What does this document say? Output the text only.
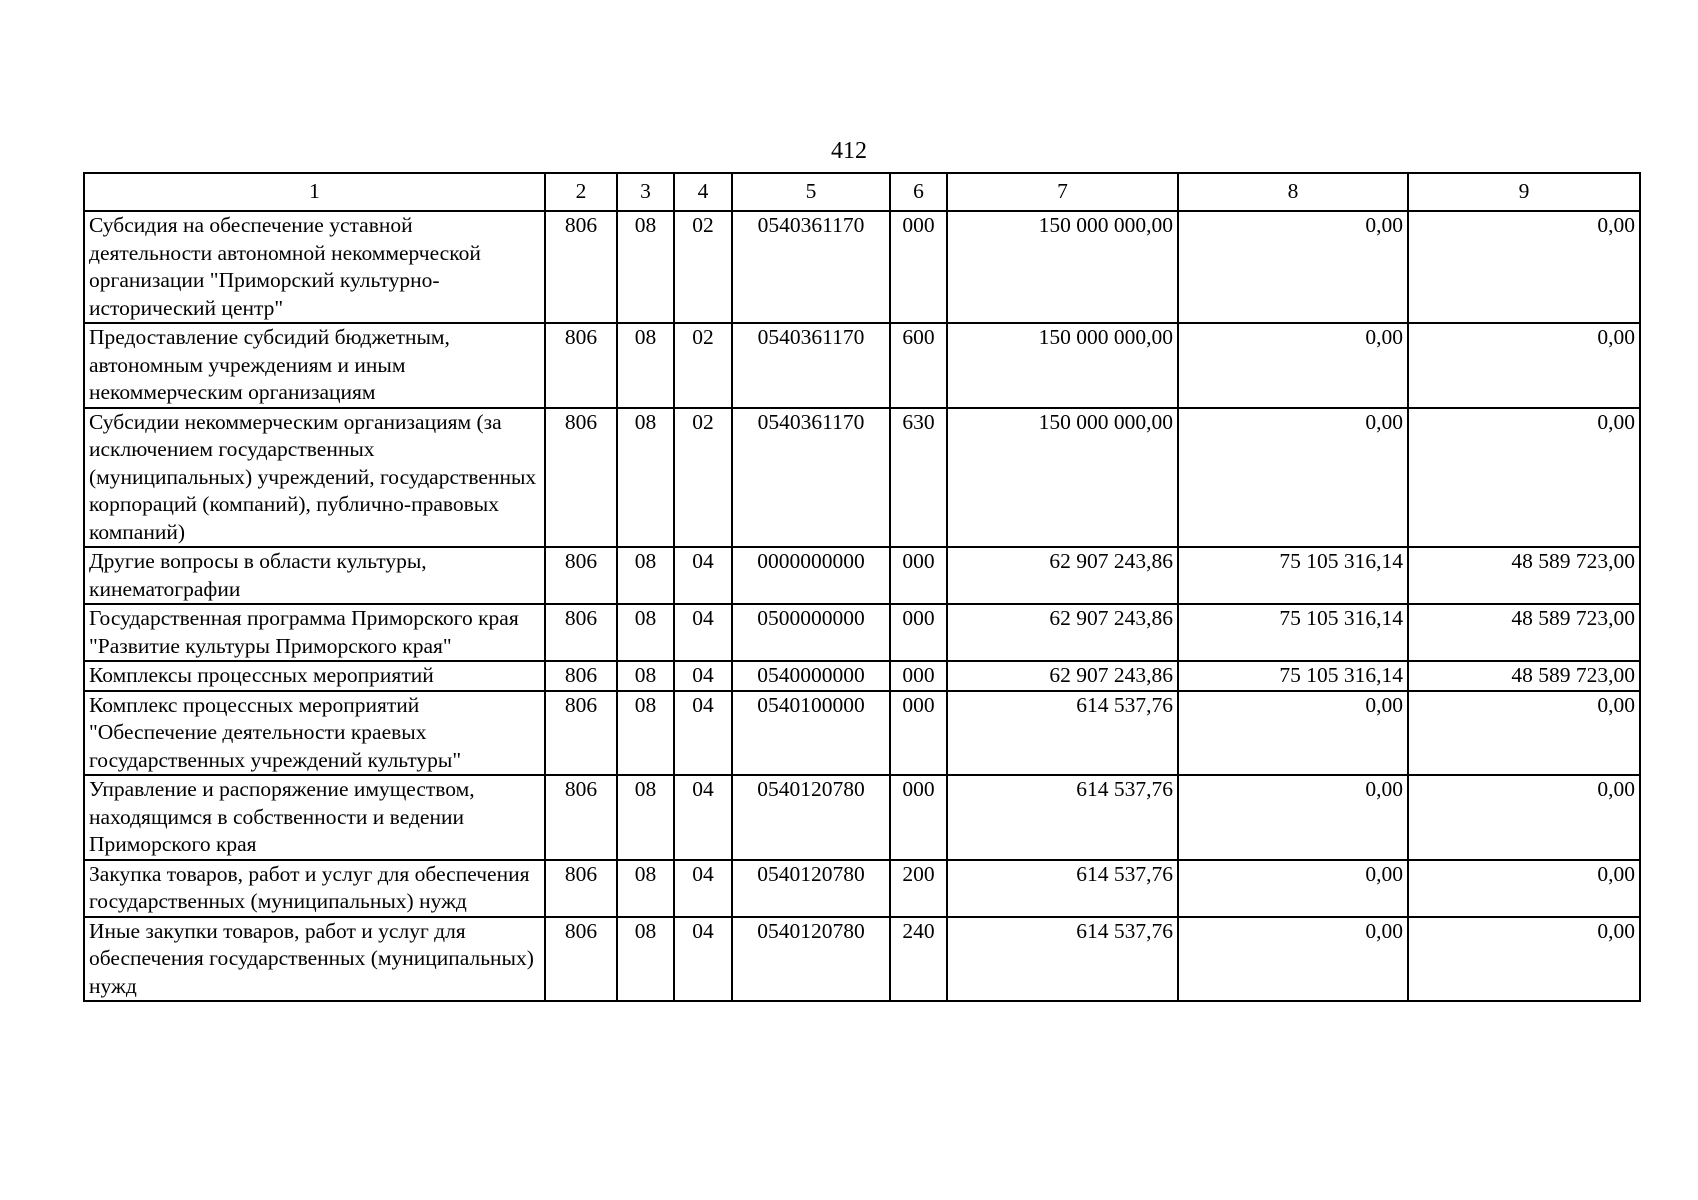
412
1	2	3	4	5	6	7	8	9
Субсидия на обеспечение уставной деятельности автономной некоммерческой организации "Приморский культурно-исторический центр"	806	08	02	0540361170	000	150 000 000,00	0,00	0,00
Предоставление субсидий бюджетным, автономным учреждениям и иным некоммерческим организациям	806	08	02	0540361170	600	150 000 000,00	0,00	0,00
Субсидии некоммерческим организациям (за исключением государственных (муниципальных) учреждений, государственных корпораций (компаний), публично-правовых компаний)	806	08	02	0540361170	630	150 000 000,00	0,00	0,00
Другие вопросы в области культуры, кинематографии	806	08	04	0000000000	000	62 907 243,86	75 105 316,14	48 589 723,00
Государственная программа Приморского края "Развитие культуры Приморского края"	806	08	04	0500000000	000	62 907 243,86	75 105 316,14	48 589 723,00
Комплексы процессных мероприятий	806	08	04	0540000000	000	62 907 243,86	75 105 316,14	48 589 723,00
Комплекс процессных мероприятий "Обеспечение деятельности краевых государственных учреждений культуры"	806	08	04	0540100000	000	614 537,76	0,00	0,00
Управление и распоряжение имуществом, находящимся в собственности и ведении Приморского края	806	08	04	0540120780	000	614 537,76	0,00	0,00
Закупка товаров, работ и услуг для обеспечения государственных (муниципальных) нужд	806	08	04	0540120780	200	614 537,76	0,00	0,00
Иные закупки товаров, работ и услуг для обеспечения государственных (муниципальных) нужд	806	08	04	0540120780	240	614 537,76	0,00	0,00
